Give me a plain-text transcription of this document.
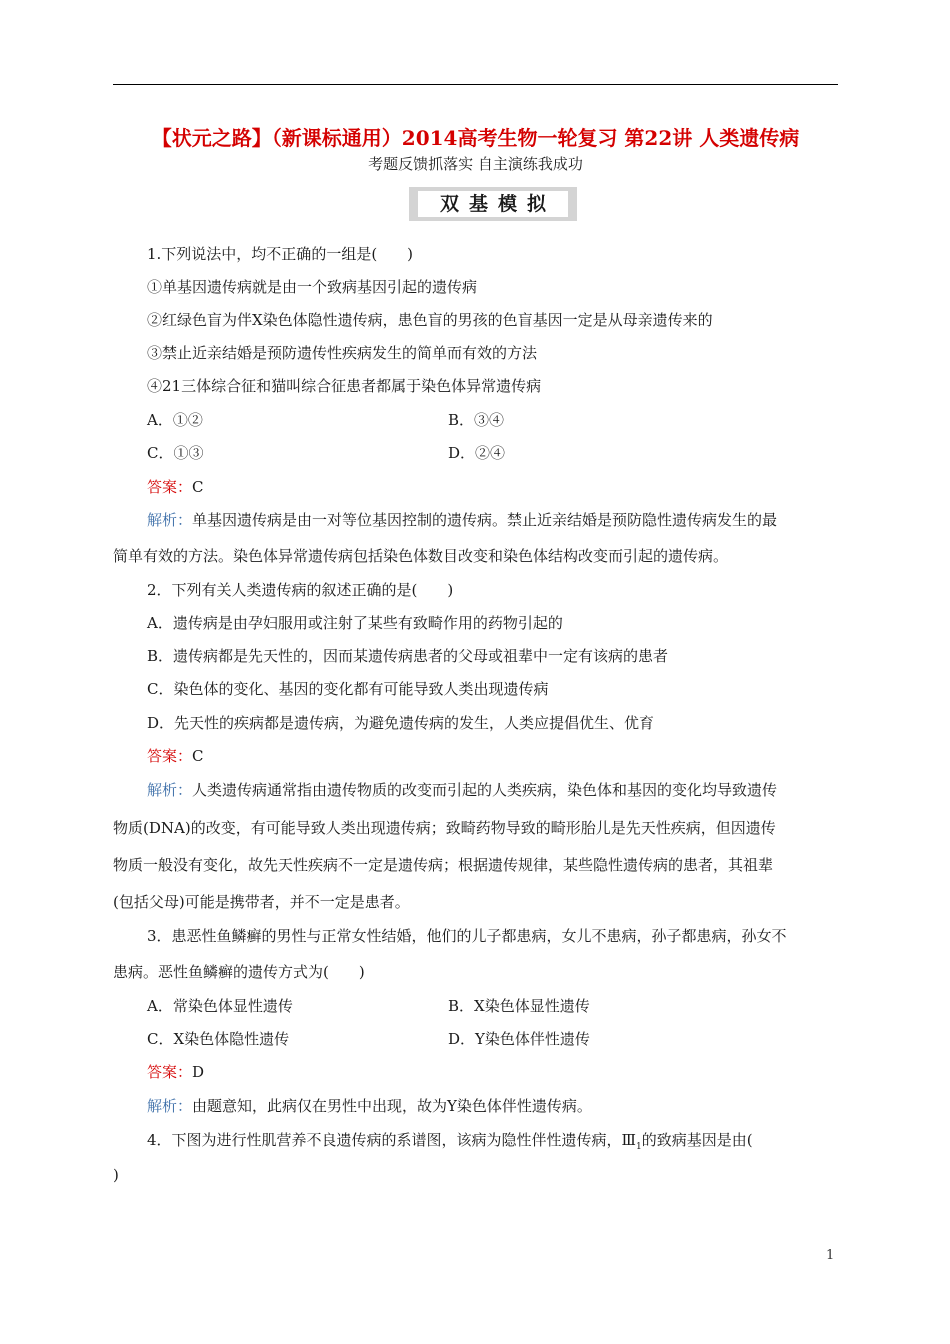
【状元之路】（新课标通用）2014高考生物一轮复习 第22讲 人类遗传病
考题反馈抓落实 自主演练我成功
双基模拟
1.下列说法中，均不正确的一组是(　　)
①单基因遗传病就是由一个致病基因引起的遗传病
②红绿色盲为伴X染色体隐性遗传病，患色盲的男孩的色盲基因一定是从母亲遗传来的
③禁止近亲结婚是预防遗传性疾病发生的简单而有效的方法
④21三体综合征和猫叫综合征患者都属于染色体异常遗传病
A．①②	B．③④
C．①③	D．②④
答案：C
解析：单基因遗传病是由一对等位基因控制的遗传病。禁止近亲结婚是预防隐性遗传病发生的最
简单有效的方法。染色体异常遗传病包括染色体数目改变和染色体结构改变而引起的遗传病。
2．下列有关人类遗传病的叙述正确的是(　　)
A．遗传病是由孕妇服用或注射了某些有致畸作用的药物引起的
B．遗传病都是先天性的，因而某遗传病患者的父母或祖辈中一定有该病的患者
C．染色体的变化、基因的变化都有可能导致人类出现遗传病
D．先天性的疾病都是遗传病，为避免遗传病的发生，人类应提倡优生、优育
答案：C
解析：人类遗传病通常指由遗传物质的改变而引起的人类疾病，染色体和基因的变化均导致遗传
物质(DNA)的改变，有可能导致人类出现遗传病；致畸药物导致的畸形胎儿是先天性疾病，但因遗传
物质一般没有变化，故先天性疾病不一定是遗传病；根据遗传规律，某些隐性遗传病的患者，其祖辈
(包括父母)可能是携带者，并不一定是患者。
3．患恶性鱼鳞癣的男性与正常女性结婚，他们的儿子都患病，女儿不患病，孙子都患病，孙女不
患病。恶性鱼鳞癣的遗传方式为(　　)
A．常染色体显性遗传	B．X染色体显性遗传
C．X染色体隐性遗传	D．Y染色体伴性遗传
答案：D
解析：由题意知，此病仅在男性中出现，故为Y染色体伴性遗传病。
4．下图为进行性肌营养不良遗传病的系谱图，该病为隐性伴性遗传病，$Ⅲ_1$的致病基因是由(
)
1
